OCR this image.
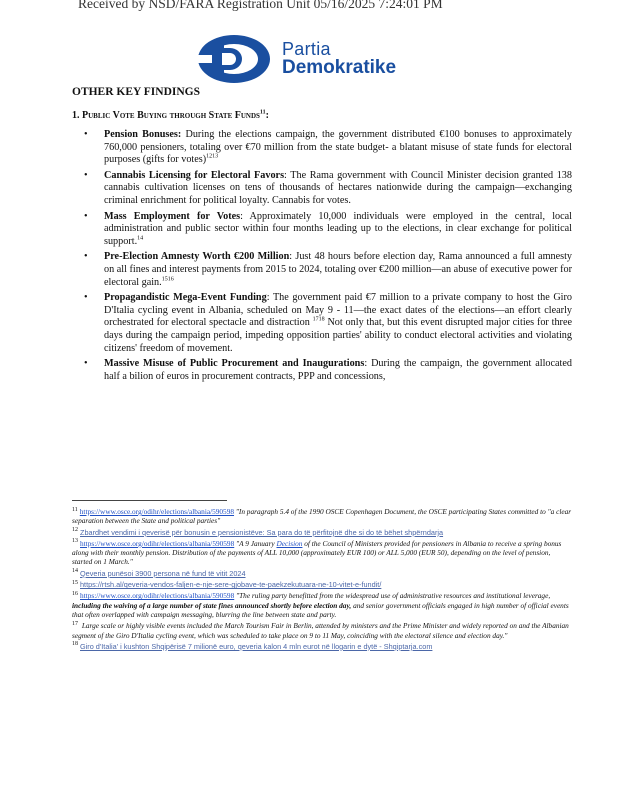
Received by NSD/FARA Registration Unit 05/16/2025 7:24:01 PM
Partia
Demokratike
OTHER KEY FINDINGS
1. Public Vote Buying through State Funds$^{11}$:
• Pension Bonuses: During the elections campaign, the government distributed €100 bonuses to approximately 760,000 pensioners, totaling over €70 million from the state budget- a blatant misuse of state funds for electoral purposes (gifts for votes)$^{1213}$
• Cannabis Licensing for Electoral Favors: The Rama government with Council Minister decision granted 138 cannabis cultivation licenses on tens of thousands of hectares nationwide during the campaign—exchanging criminal enrichment for political loyalty. Cannabis for votes.
• Mass Employment for Votes: Approximately 10,000 individuals were employed in the central, local administration and public sector within four months leading up to the elections, in clear exchange for political support.$^{14}$
• Pre-Election Amnesty Worth €200 Million: Just 48 hours before election day, Rama announced a full amnesty on all fines and interest payments from 2015 to 2024, totaling over €200 million—an abuse of executive power for electoral gain.$^{1516}$
• Propagandistic Mega-Event Funding: The government paid €7 million to a private company to host the Giro D'Italia cycling event in Albania, scheduled on May 9 - 11—the exact dates of the elections—an effort clearly orchestrated for electoral spectacle and distraction $^{1718}$ Not only that, but this event disrupted major cities for three days during the campaign period, impeding opposition parties' ability to conduct electoral activities and violating citizens' freedom of movement.
• Massive Misuse of Public Procurement and Inaugurations: During the campaign, the government allocated half a bilion of euros in procurement contracts, PPP and concessions,
$^{11}$ https://www.osce.org/odihr/elections/albania/590598 "In paragraph 5.4 of the 1990 OSCE Copenhagen Document, the OSCE participating States committed to "a clear separation between the State and political parties"
$^{12}$ Zbardhet vendimi i qeverisë për bonusin e pensionistëve: Sa para do të përfitojnë dhe si do të bëhet shpërndarja
$^{13}$ https://www.osce.org/odihr/elections/albania/590598 "A 9 January Decision of the Council of Ministers provided for pensioners in Albania to receive a spring bonus along with their monthly pension. Distribution of the payments of ALL 10,000 (approximately EUR 100) or ALL 5,000 (EUR 50), depending on the level of pension, started on 1 March."
$^{14}$ Qeveria punësoi 3900 persona në fund të vitit 2024
$^{15}$ https://rtsh.al/qeveria-vendos-faljen-e-nje-sere-gjobave-te-paekzekutuara-ne-10-vitet-e-fundit/
$^{16}$ https://www.osce.org/odihr/elections/albania/590598 "The ruling party benefitted from the widespread use of administrative resources and institutional leverage, including the waiving of a large number of state fines announced shortly before election day, and senior government officials engaged in high number of official events that often overlapped with campaign messaging, blurring the line between state and party.
$^{17}$ Large scale or highly visible events included the March Tourism Fair in Berlin, attended by ministers and the Prime Minister and widely reported on and the Albanian segment of the Giro D'Italia cycling event, which was scheduled to take place on 9 to 11 May, coinciding with the electoral silence and election day."
$^{18}$ Giro d'Italia' i kushton Shqipërisë 7 milionë euro, qeveria kalon 4 mln eurot në llogarin e dytë - Shqiptarja.com
